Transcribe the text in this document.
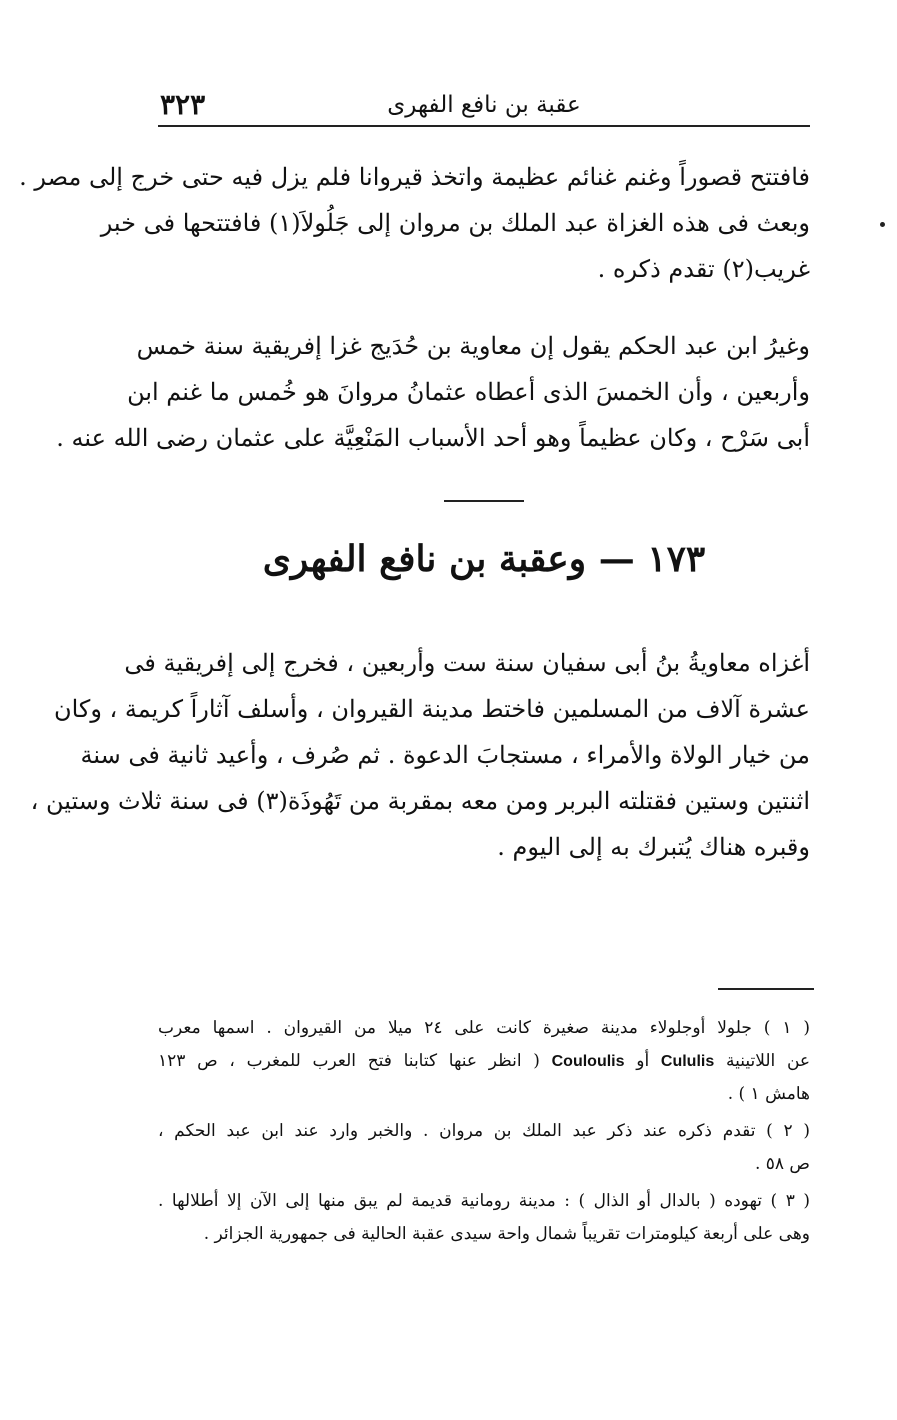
٣٢٣	عقبة بن نافع الفهرى
فافتتح قصوراً وغنم غنائم عظيمة واتخذ قيروانا فلم يزل فيه حتى خرج إلى مصر .
وبعث فى هذه الغزاة عبد الملك بن مروان إلى جَلُولاَ(١) فافتتحها فى خبر
غريب(٢) تقدم ذكره .
وغيرُ ابن عبد الحكم يقول إن معاوية بن حُدَيج غزا إفريقية سنة خمس
وأربعين ، وأن الخمسَ الذى أعطاه عثمانُ مروانَ هو خُمس ما غنم ابن
أبى سَرْح ، وكان عظيماً وهو أحد الأسباب المَنْعِيَّة على عثمان رضى الله عنه .
١٧٣ — وعقبة بن نافع الفهرى
أغزاه معاويةُ بنُ أبى سفيان سنة ست وأربعين ، فخرج إلى إفريقية فى
عشرة آلاف من المسلمين فاختط مدينة القيروان ، وأسلف آثاراً كريمة ، وكان
من خيار الولاة والأمراء ، مستجابَ الدعوة . ثم صُرف ، وأعيد ثانية فى سنة
اثنتين وستين فقتلته البربر ومن معه بمقربة من تَهُوذَة(٣) فى سنة ثلاث وستين ،
وقبره هناك يُتبرك به إلى اليوم .
( ١ ) جلولا أوجلولاء مدينة صغيرة كانت على ٢٤ ميلا من القيروان . اسمها معرب
عن اللاتينية Cululis أو Couloulis ( انظر عنها كتابنا فتح العرب للمغرب ، ص ١٢٣
هامش ١ ) .
( ٢ ) تقدم ذكره عند ذكر عبد الملك بن مروان . والخبر وارد عند ابن عبد الحكم ،
ص ٥٨ .
( ٣ ) تهوده ( بالدال أو الذال ) : مدينة رومانية قديمة لم يبق منها إلى الآن إلا أطلالها .
وهى على أربعة كيلومترات تقريباً شمال واحة سيدى عقبة الحالية فى جمهورية الجزائر .
